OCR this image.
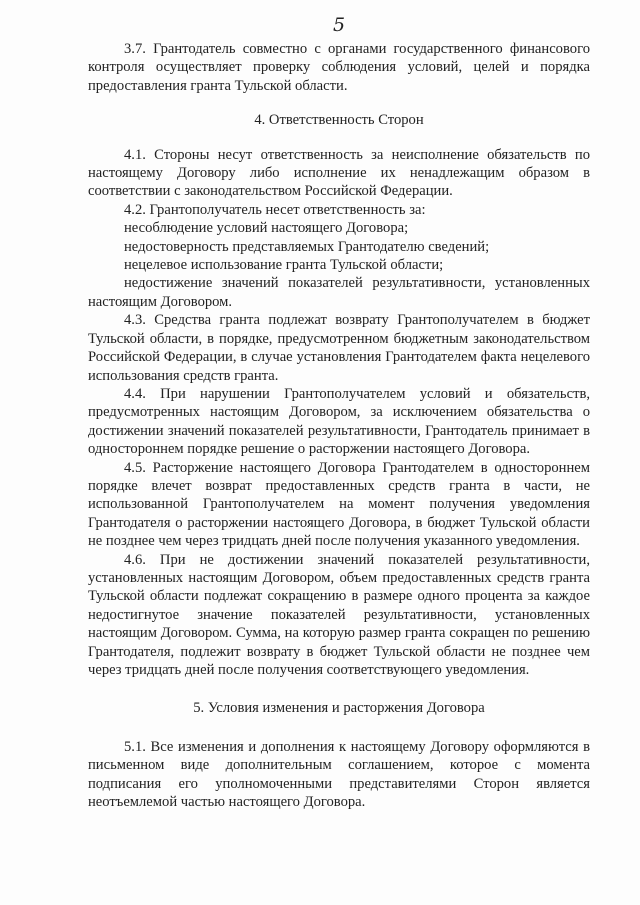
5

3.7. Грантодатель совместно с органами государственного финансового контроля осуществляет проверку соблюдения условий, целей и порядка предоставления гранта Тульской области.

4. Ответственность Сторон

4.1. Стороны несут ответственность за неисполнение обязательств по настоящему Договору либо исполнение их ненадлежащим образом в соответствии с законодательством Российской Федерации.

4.2. Грантополучатель несет ответственность за:

несоблюдение условий настоящего Договора;

недостоверность представляемых Грантодателю сведений;

нецелевое использование гранта Тульской области;

недостижение значений показателей результативности, установленных настоящим Договором.

4.3. Средства гранта подлежат возврату Грантополучателем в бюджет Тульской области, в порядке, предусмотренном бюджетным законодательством Российской Федерации, в случае установления Грантодателем факта нецелевого использования средств гранта.

4.4. При нарушении Грантополучателем условий и обязательств, предусмотренных настоящим Договором, за исключением обязательства о достижении значений показателей результативности, Грантодатель принимает в одностороннем порядке решение о расторжении настоящего Договора.

4.5. Расторжение настоящего Договора Грантодателем в одностороннем порядке влечет возврат предоставленных средств гранта в части, не использованной Грантополучателем на момент получения уведомления Грантодателя о расторжении настоящего Договора, в бюджет Тульской области не позднее чем через тридцать дней после получения указанного уведомления.

4.6. При не достижении значений показателей результативности, установленных настоящим Договором, объем предоставленных средств гранта Тульской области подлежат сокращению в размере одного процента за каждое недостигнутое значение показателей результативности, установленных настоящим Договором. Сумма, на которую размер гранта сокращен по решению Грантодателя, подлежит возврату в бюджет Тульской области не позднее чем через тридцать дней после получения соответствующего уведомления.

5. Условия изменения и расторжения Договора

5.1. Все изменения и дополнения к настоящему Договору оформляются в письменном виде дополнительным соглашением, которое с момента подписания его уполномоченными представителями Сторон является неотъемлемой частью настоящего Договора.
